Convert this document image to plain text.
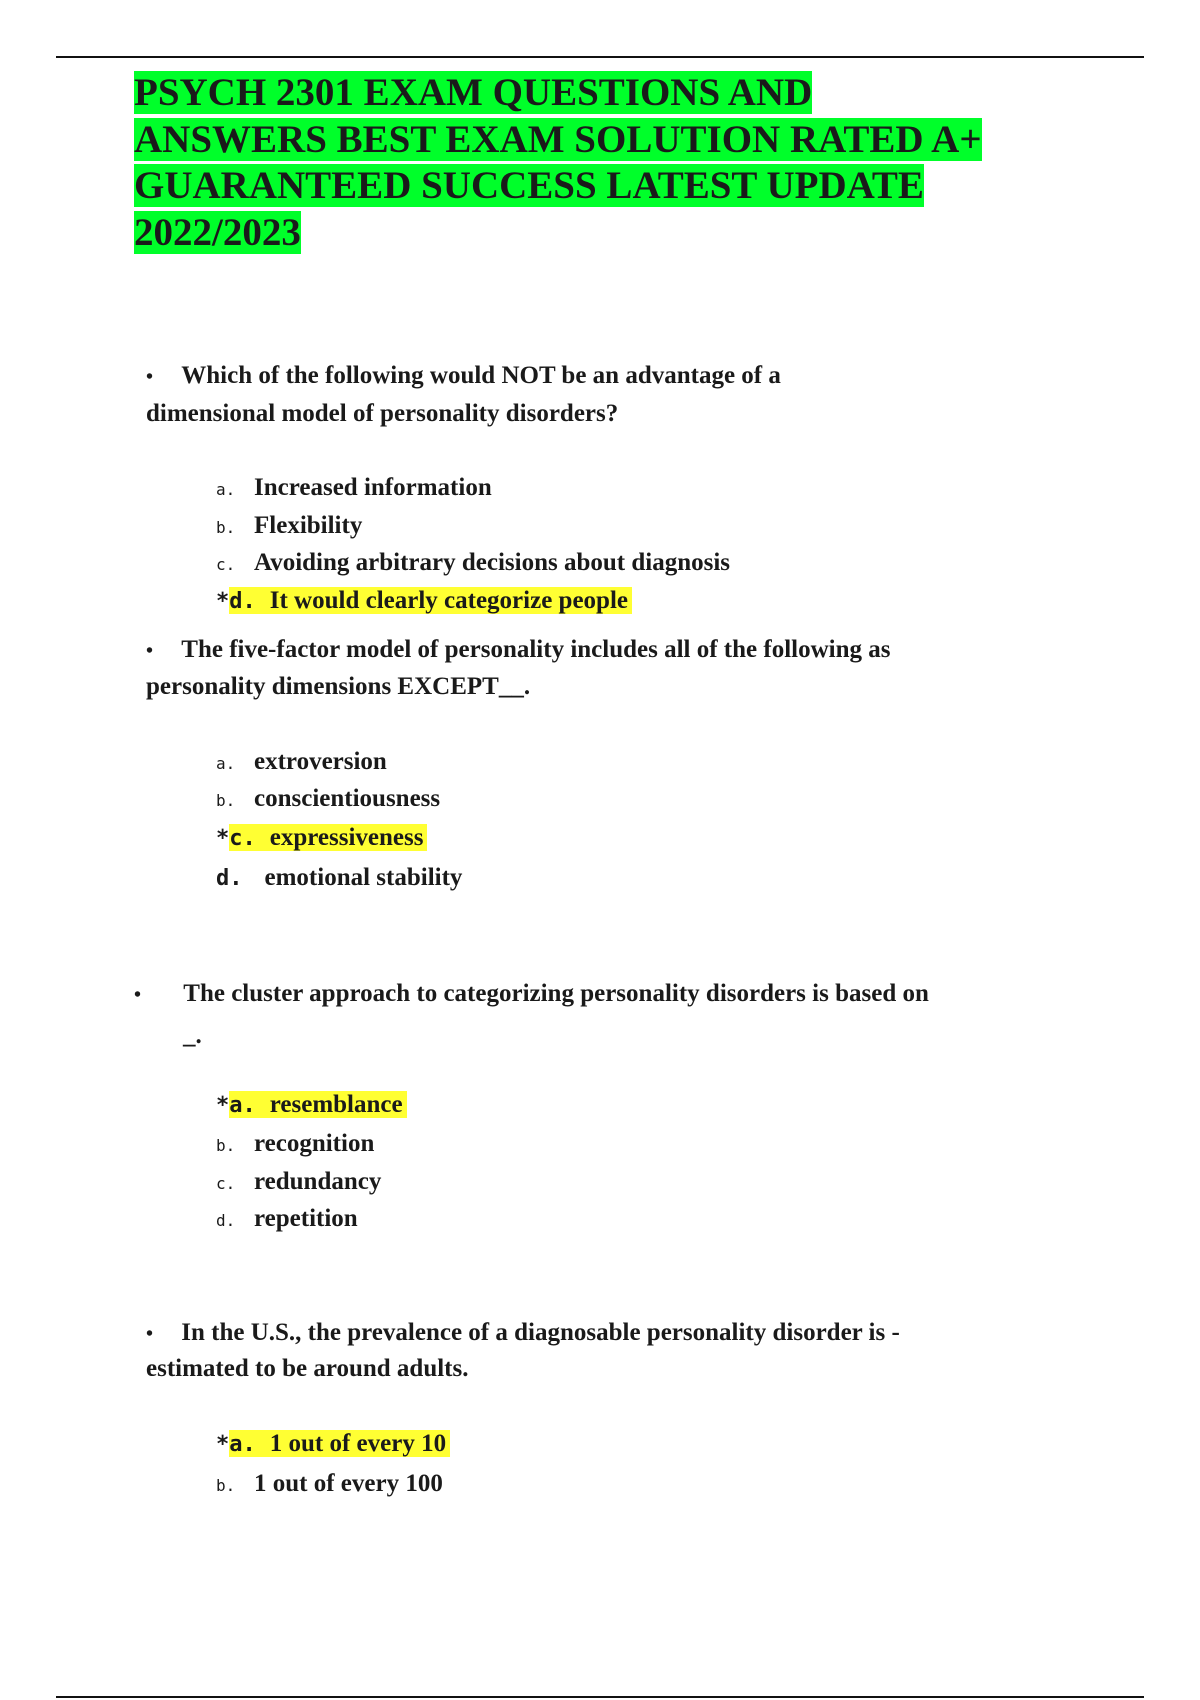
PSYCH 2301 EXAM QUESTIONS AND
ANSWERS BEST EXAM SOLUTION RATED A+
GUARANTEED SUCCESS LATEST UPDATE
2022/2023
• Which of the following would NOT be an advantage of a
dimensional model of personality disorders?
a. Increased information
b. Flexibility
c. Avoiding arbitrary decisions about diagnosis
*d. It would clearly categorize people
• The five-factor model of personality includes all of the following as
personality dimensions EXCEPT__.
a. extroversion
b. conscientiousness
*c. expressiveness
d. emotional stability
• The cluster approach to categorizing personality disorders is based on
_.
*a. resemblance
b. recognition
c. redundancy
d. repetition
• In the U.S., the prevalence of a diagnosable personality disorder is -
estimated to be around adults.
*a. 1 out of every 10
b. 1 out of every 100
